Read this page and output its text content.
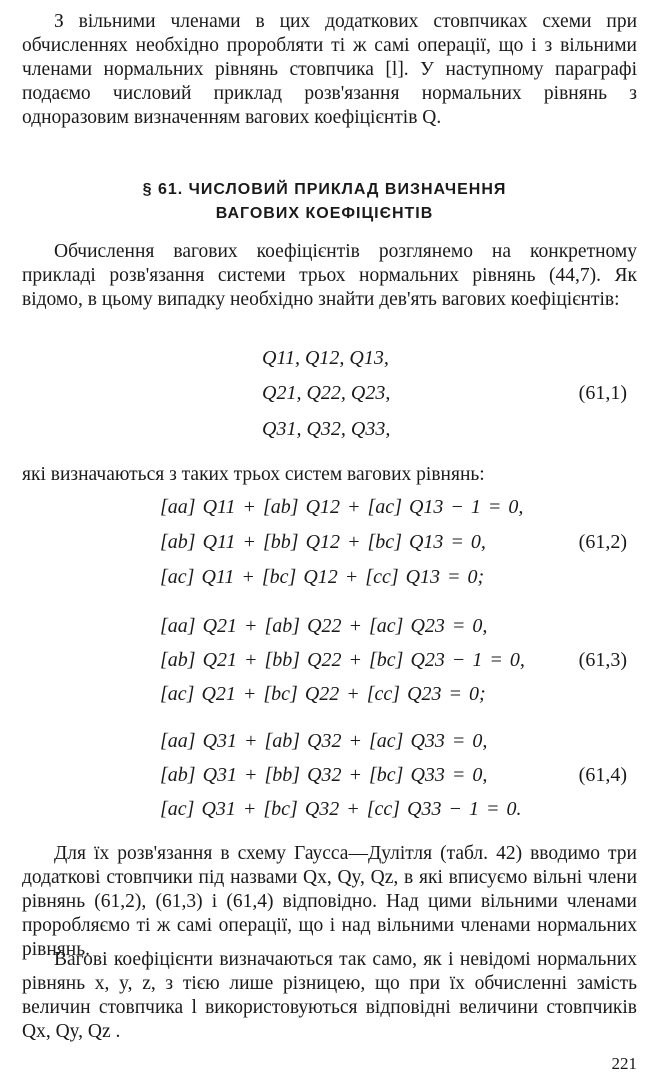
З вільними членами в цих додаткових стовпчиках схеми при обчисленнях необхідно проробляти ті ж самі операції, що і з вільними членами нормальних рівнянь стовпчика [l]. У наступному параграфі подаємо числовий приклад розв'язання нормальних рівнянь з одноразовим визначенням вагових коефіцієнтів Q.

§ 61. ЧИСЛОВИЙ ПРИКЛАД ВИЗНАЧЕННЯ
ВАГОВИХ КОЕФІЦІЄНТІВ

Обчислення вагових коефіцієнтів розглянемо на конкретному прикладі розв'язання системи трьох нормальних рівнянь (44,7). Як відомо, в цьому випадку необхідно знайти дев'ять вагових коефіцієнтів:

Q11, Q12, Q13,
Q21, Q22, Q23,
Q31, Q32, Q33,
(61,1)

які визначаються з таких трьох систем вагових рівнянь:

[aa] Q11 + [ab] Q12 + [ac] Q13 − 1 = 0,
[ab] Q11 + [bb] Q12 + [bc] Q13 = 0,
[ac] Q11 + [bc] Q12 + [cc] Q13 = 0;
(61,2)
[aa] Q21 + [ab] Q22 + [ac] Q23 = 0,
[ab] Q21 + [bb] Q22 + [bc] Q23 − 1 = 0,
[ac] Q21 + [bc] Q22 + [cc] Q23 = 0;
(61,3)
[aa] Q31 + [ab] Q32 + [ac] Q33 = 0,
[ab] Q31 + [bb] Q32 + [bc] Q33 = 0,
[ac] Q31 + [bc] Q32 + [cc] Q33 − 1 = 0.
(61,4)

Для їх розв'язання в схему Гаусса—Дулітля (табл. 42) вводимо три додаткові стовпчики під назвами Qx, Qy, Qz, в які вписуємо вільні члени рівнянь (61,2), (61,3) і (61,4) відповідно. Над цими вільними членами проробляємо ті ж самі операції, що і над вільними членами нормальних рівнянь.

Вагові коефіцієнти визначаються так само, як і невідомі нормальних рівнянь x, y, z, з тією лише різницею, що при їх обчисленні замість величин стовпчика l використовуються відповідні величини стовпчиків Qx, Qy, Qz .

221
